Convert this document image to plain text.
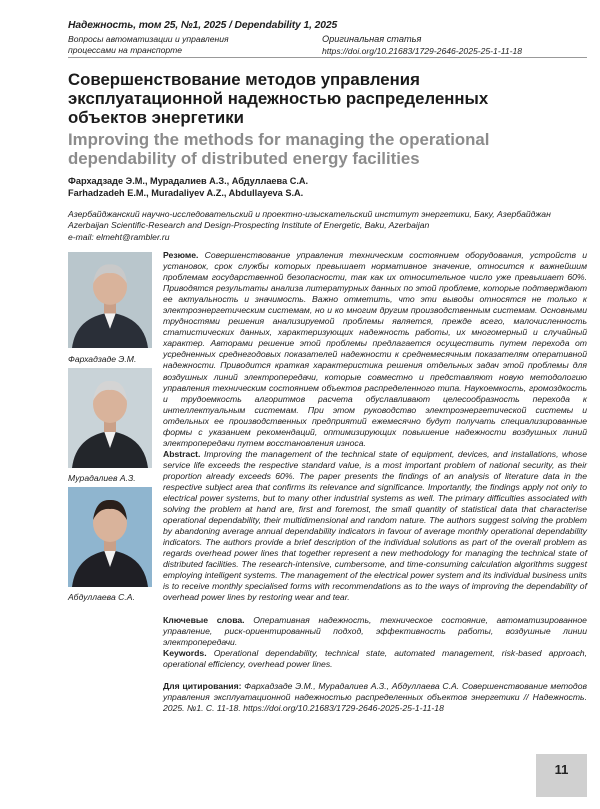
Надежность, том 25, №1, 2025 / Dependability 1, 2025
Вопросы автоматизации и управления
процессами на транспорте
Оригинальная статья
https://doi.org/10.21683/1729-2646-2025-25-1-11-18
Совершенствование методов управления
эксплуатационной надежностью распределенных
объектов энергетики
Improving the methods for managing the operational
dependability of distributed energy facilities
Фархадзаде Э.М., Мурадалиев А.З., Абдуллаева С.А.
Farhadzadeh E.M., Muradaliyev A.Z., Abdullayeva S.A.
Азербайджанский научно-исследовательский и проектно-изыскательский институт энергетики, Баку, Азербайджан
Azerbaijan Scientific-Research and Design-Prospecting Institute of Energetic, Baku, Azerbaijan
e-mail: elmeht@rambler.ru
Фархадзаде Э.М.
Мурадалиев А.З.
Абдуллаева С.А.

Резюме. Совершенствование управления техническим состоянием оборудования, устройств и установок, срок службы которых превышает нормативное значение, относится к важнейшим проблемам государственной безопасности, так как их относительное число уже превышает 60%. Приводятся результаты анализа литературных данных по этой проблеме, которые подтверждают ее актуальность и значимость. Важно отметить, что эти выводы относятся не только к электроэнергетическим системам, но и ко многим другим производственным системам. Основными трудностями решения анализируемой проблемы является, прежде всего, малочисленность статистических данных, характеризующих надежность работы, их многомерный и случайный характер. Авторами решение этой проблемы предлагается осуществить путем перехода от усредненных среднегодовых показателей надежности к среднемесячным показателям оперативной надежности. Приводится краткая характеристика решения отдельных задач этой проблемы для воздушных линий электропередачи, которые совместно и представляют новую методологию управления техническим состоянием объектов распределенного типа. Наукоемкость, громоздкость и трудоемкость алгоритмов расчета обуславливают целесообразность перехода к интеллектуальным системам. При этом руководство электроэнергетической системы и отдельных ее производственных предприятий ежемесячно будут получать специализированные формы с указанием рекомендаций, оптимизирующих повышение надежности воздушных линий электропередачи путем восстановления износа.

Abstract. Improving the management of the technical state of equipment, devices, and installations, whose service life exceeds the respective standard value, is a most important problem of national security, as their proportion already exceeds 60%. The paper presents the findings of an analysis of literature data in the respective subject area that confirms its relevance and significance. Importantly, the findings apply not only to electrical power systems, but to many other industrial systems as well. The primary difficulties associated with solving the problem at hand are, first and foremost, the small quantity of statistical data that characterise operational dependability, their multidimensional and random nature. The authors suggest solving the problem by abandoning average annual dependability indicators in favour of average monthly operational dependability indicators. The authors provide a brief description of the individual solutions as part of the overall problem as regards overhead power lines that together represent a new methodology for managing the technical state of distributed facilities. The research-intensive, cumbersome, and time-consuming calculation algorithms suggest employing intelligent systems. The management of the electrical power system and its individual business units is to receive monthly specialised forms with recommendations as to the ways of improving the dependability of overhead power lines by restoring wear and tear.

Ключевые слова. Оперативная надежность, техническое состояние, автоматизированное управление, риск-ориентированный подход, эффективность работы, воздушные линии электропередачи.

Keywords. Operational dependability, technical state, automated management, risk-based approach, operational efficiency, overhead power lines.

Для цитирования: Фархадзаде Э.М., Мурадалиев А.З., Абдуллаева С.А. Совершенствование методов управления эксплуатационной надежностью распределенных объектов энергетики // Надежность. 2025. №1. С. 11-18. https://doi.org/10.21683/1729-2646-2025-25-1-11-18

11
